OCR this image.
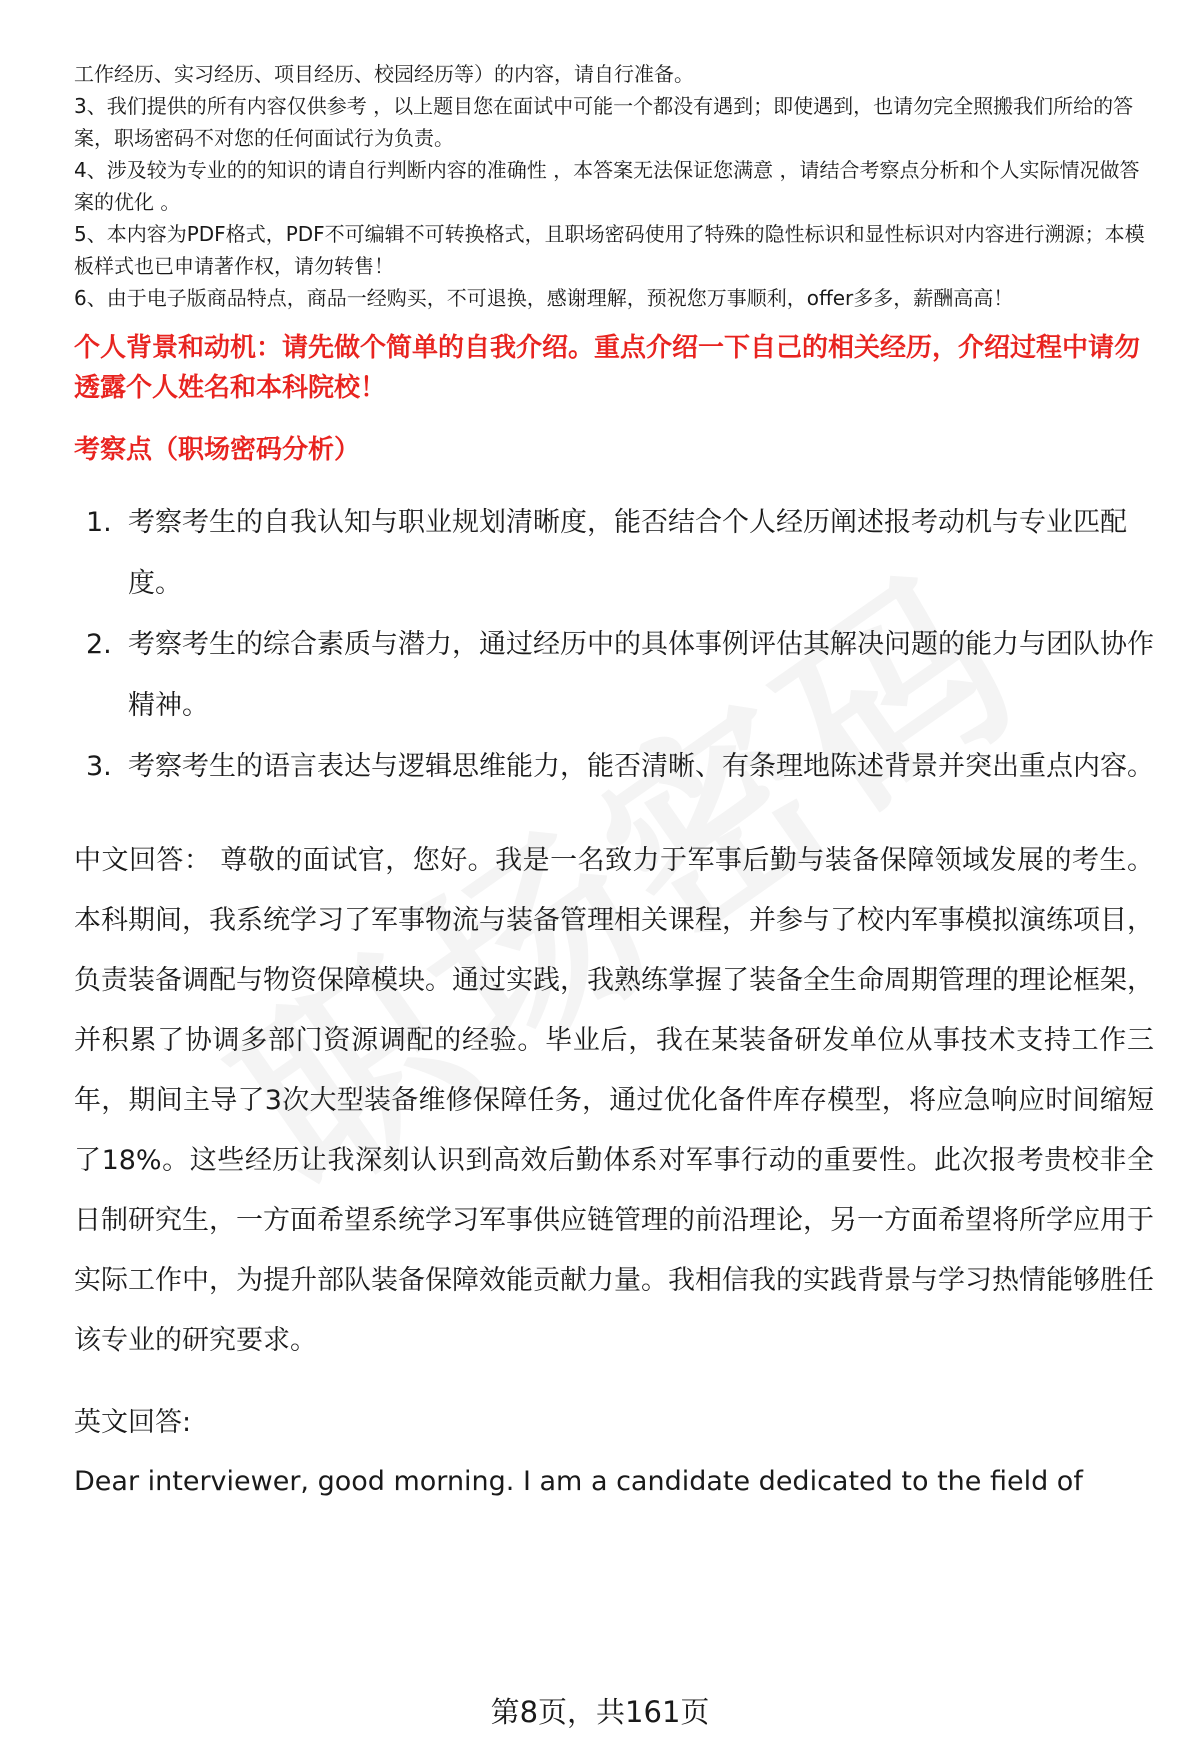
工作经历、实习经历、项目经历、校园经历等）的内容，请自行准备。

3、我们提供的所有内容仅供参考 ，以上题目您在面试中可能一个都没有遇到；即使遇到，也请勿完全照搬我们所给的答案，职场密码不对您的任何面试行为负责。

4、涉及较为专业的的知识的请自行判断内容的准确性 ，本答案无法保证您满意 ，请结合考察点分析和个人实际情况做答案的优化 。

5、本内容为PDF格式，PDF不可编辑不可转换格式，且职场密码使用了特殊的隐性标识和显性标识对内容进行溯源；本模板样式也已申请著作权，请勿转售！

6、由于电子版商品特点，商品一经购买，不可退换，感谢理解，预祝您万事顺利，offer多多，薪酬高高！

个人背景和动机：请先做个简单的自我介绍。重点介绍一下自己的相关经历，介绍过程中请勿透露个人姓名和本科院校！
考察点（职场密码分析）
1. 考察考生的自我认知与职业规划清晰度，能否结合个人经历阐述报考动机与专业匹配度。
2. 考察考生的综合素质与潜力，通过经历中的具体事例评估其解决问题的能力与团队协作精神。
3. 考察考生的语言表达与逻辑思维能力，能否清晰、有条理地陈述背景并突出重点内容。
中文回答： 尊敬的面试官，您好。我是一名致力于军事后勤与装备保障领域发展的考生。本科期间，我系统学习了军事物流与装备管理相关课程，并参与了校内军事模拟演练项目，负责装备调配与物资保障模块。通过实践，我熟练掌握了装备全生命周期管理的理论框架，并积累了协调多部门资源调配的经验。毕业后，我在某装备研发单位从事技术支持工作三年，期间主导了3次大型装备维修保障任务，通过优化备件库存模型，将应急响应时间缩短了18%。这些经历让我深刻认识到高效后勤体系对军事行动的重要性。此次报考贵校非全日制研究生，一方面希望系统学习军事供应链管理的前沿理论，另一方面希望将所学应用于实际工作中，为提升部队装备保障效能贡献力量。我相信我的实践背景与学习热情能够胜任该专业的研究要求。
英文回答:
Dear interviewer, good morning. I am a candidate dedicated to the field of
第8页，共161页
